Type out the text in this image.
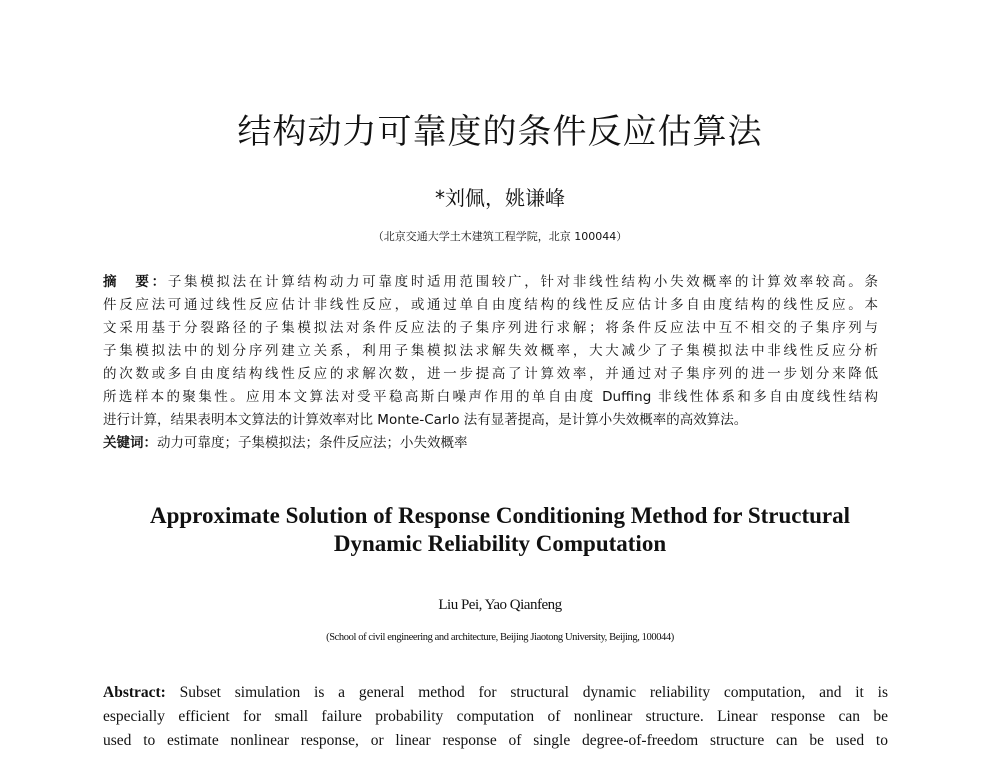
结构动力可靠度的条件反应估算法
*刘佩，姚谦峰
（北京交通大学土木建筑工程学院，北京 100044）
摘　要：子集模拟法在计算结构动力可靠度时适用范围较广，针对非线性结构小失效概率的计算效率较高。条
件反应法可通过线性反应估计非线性反应，或通过单自由度结构的线性反应估计多自由度结构的线性反应。本
文采用基于分裂路径的子集模拟法对条件反应法的子集序列进行求解；将条件反应法中互不相交的子集序列与
子集模拟法中的划分序列建立关系，利用子集模拟法求解失效概率，大大减少了子集模拟法中非线性反应分析
的次数或多自由度结构线性反应的求解次数，进一步提高了计算效率，并通过对子集序列的进一步划分来降低
所选样本的聚集性。应用本文算法对受平稳高斯白噪声作用的单自由度 Duffing 非线性体系和多自由度线性结构
进行计算，结果表明本文算法的计算效率对比 Monte-Carlo 法有显著提高，是计算小失效概率的高效算法。
关键词：动力可靠度；子集模拟法；条件反应法；小失效概率
Approximate Solution of Response Conditioning Method for Structural
Dynamic Reliability Computation
Liu Pei, Yao Qianfeng
(School of civil engineering and architecture, Beijing Jiaotong University, Beijing, 100044)
Abstract: Subset simulation is a general method for structural dynamic reliability computation, and it is
especially efficient for small failure probability computation of nonlinear structure. Linear response can be
used to estimate nonlinear response, or linear response of single degree-of-freedom structure can be used to
